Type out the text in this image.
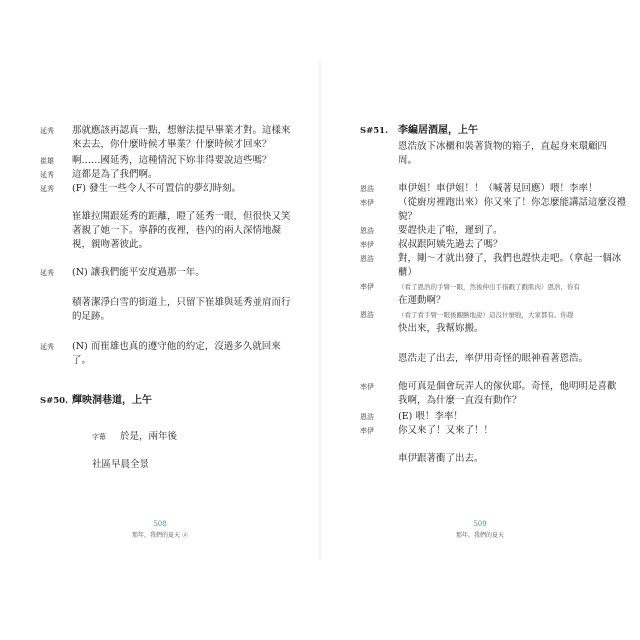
延秀 那就應該再認真一點，想辦法提早畢業才對。這樣來
來去去，你什麼時候才畢業？什麼時候才回來？
崔雄 啊……國延秀，這種情況下妳非得要說這些嗎？
延秀 這都是為了我們啊。
延秀 (F) 發生一些令人不可置信的夢幻時刻。
崔雄拉開跟延秀的距離，瞪了延秀一眼，但很快又笑
著親了她一下。寧靜的夜裡，巷內的兩人深情地凝
視，親吻著彼此。
延秀 (N) 讓我們能平安度過那一年。
積著潔淨白雪的街道上，只留下崔雄與延秀並肩而行
的足跡。
延秀 (N) 而崔雄也真的遵守他的約定，沒過多久就回來
了。
S#50. 輝映洞巷道，上午
字幕 於是，兩年後
社區早晨全景
508
那年，我們的夏天 ②
S#51. 李編居酒屋，上午
恩浩放下冰櫃和裝著貨物的箱子，直起身來環顧四
周。
恩浩	車伊姐！車伊姐！！（喊著見回應）喂！李率！
率伊	（從廚房裡跑出來）你又來了！你怎麼能講話這麼沒禮
貌？
恩浩	要趕快走了啦，遲到了。
率伊	叔叔跟阿姨先過去了嗎？
恩浩	對，剛～才就出發了，我們也趕快走吧。（拿起一個冰
櫃）
率伊	（看了恩浩的手臂一眼，然後伸出手指戳了戳肌肉）恩浩，你有
在運動啊？
恩浩	（看了看手臂一眼後靦腆地說）這沒什麼啦，大家都有。你趕
快出來，我幫妳搬。
恩浩走了出去，率伊用奇怪的眼神看著恩浩。
率伊	他可真是個會玩弄人的傢伙耶。奇怪，他明明是喜歡
我啊，為什麼一直沒有動作？
恩浩	(E) 喂！李率！
率伊	你又來了！又來了！！
車伊跟著衝了出去。
509
那年，我們的夏天
